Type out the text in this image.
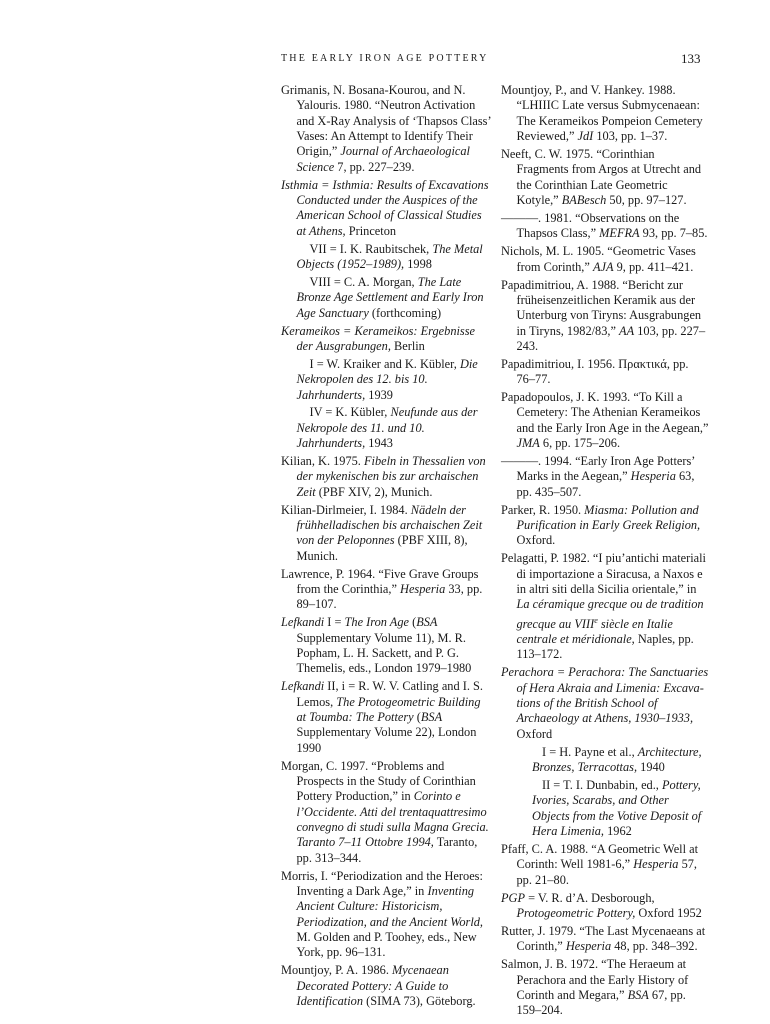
THE EARLY IRON AGE POTTERY	133
Grimanis, N. Bosana-Kourou, and N. Yalouris. 1980. “Neutron Activation and X-Ray Analysis of ‘Thapsos Class’ Vases: An Attempt to Identify Their Origin,” Journal of Archaeological Science 7, pp. 227–239.
Isthmia = Isthmia: Results of Excavations Conducted under the Auspices of the American School of Classical Studies at Athens, Princeton
VII = I. K. Raubitschek, The Metal Objects (1952–1989), 1998
VIII = C. A. Morgan, The Late Bronze Age Settlement and Early Iron Age Sanctuary (forthcoming)
Kerameikos = Kerameikos: Ergebnisse der Ausgrabungen, Berlin
I = W. Kraiker and K. Kübler, Die Nekropolen des 12. bis 10. Jahrhunderts, 1939
IV = K. Kübler, Neufunde aus der Nekropole des 11. und 10. Jahrhunderts, 1943
Kilian, K. 1975. Fibeln in Thessalien von der mykenischen bis zur archaischen Zeit (PBF XIV, 2), Munich.
Kilian-Dirlmeier, I. 1984. Nädeln der frühhelladischen bis archaischen Zeit von der Peloponnes (PBF XIII, 8), Munich.
Lawrence, P. 1964. “Five Grave Groups from the Corinthia,” Hesperia 33, pp. 89–107.
Lefkandi I = The Iron Age (BSA Supplementary Volume 11), M. R. Popham, L. H. Sackett, and P. G. Themelis, eds., London 1979–1980
Lefkandi II, i = R. W. V. Catling and I. S. Lemos, The Protogeometric Building at Toumba: The Pottery (BSA Supplementary Volume 22), London 1990
Morgan, C. 1997. “Problems and Prospects in the Study of Corinthian Pottery Production,” in Corinto e l’Occidente. Atti del trentaquattresimo convegno di studi sulla Magna Grecia. Taranto 7–11 Ottobre 1994, Taranto, pp. 313–344.
Morris, I. “Periodization and the Heroes: Inventing a Dark Age,” in Inventing Ancient Culture: Historicism, Periodization, and the Ancient World, M. Golden and P. Toohey, eds., New York, pp. 96–131.
Mountjoy, P. A. 1986. Mycenaean Decorated Pottery: A Guide to Identification (SIMA 73), Göteborg.
Mountjoy, P., and V. Hankey. 1988. “LHIIIC Late versus Submycenaean: The Kerameikos Pompeion Cemetery Reviewed,” JdI 103, pp. 1–37.
Neeft, C. W. 1975. “Corinthian Fragments from Argos at Utrecht and the Corinthian Late Geometric Kotyle,” BABesch 50, pp. 97–127.
———. 1981. “Observations on the Thapsos Class,” MEFRA 93, pp. 7–85.
Nichols, M. L. 1905. “Geometric Vases from Corinth,” AJA 9, pp. 411–421.
Papadimitriou, A. 1988. “Bericht zur früheisenzeitlichen Keramik aus der Unterburg von Tiryns: Ausgrabungen in Tiryns, 1982/83,” AA 103, pp. 227–243.
Papadimitriou, I. 1956. Πρακτικά, pp. 76–77.
Papadopoulos, J. K. 1993. “To Kill a Cemetery: The Athenian Kerameikos and the Early Iron Age in the Aegean,” JMA 6, pp. 175–206.
———. 1994. “Early Iron Age Potters’ Marks in the Aegean,” Hesperia 63, pp. 435–507.
Parker, R. 1950. Miasma: Pollution and Purification in Early Greek Religion, Oxford.
Pelagatti, P. 1982. “I piu’antichi materiali di importazione a Siracusa, a Naxos e in altri siti della Sicilia orientale,” in La céramique grecque ou de tradition grecque au VIIIe siècle en Italie centrale et méridionale, Naples, pp. 113–172.
Perachora = Perachora: The Sanctuaries of Hera Akraia and Limenia: Excavations of the British School of Archaeology at Athens, 1930–1933, Oxford
I = H. Payne et al., Architecture, Bronzes, Terracottas, 1940
II = T. I. Dunbabin, ed., Pottery, Ivories, Scarabs, and Other Objects from the Votive Deposit of Hera Limenia, 1962
Pfaff, C. A. 1988. “A Geometric Well at Corinth: Well 1981-6,” Hesperia 57, pp. 21–80.
PGP = V. R. d’A. Desborough, Protogeometric Pottery, Oxford 1952
Rutter, J. 1979. “The Last Mycenaeans at Corinth,” Hesperia 48, pp. 348–392.
Salmon, J. B. 1972. “The Heraeum at Perachora and the Early History of Corinth and Megara,” BSA 67, pp. 159–204.
